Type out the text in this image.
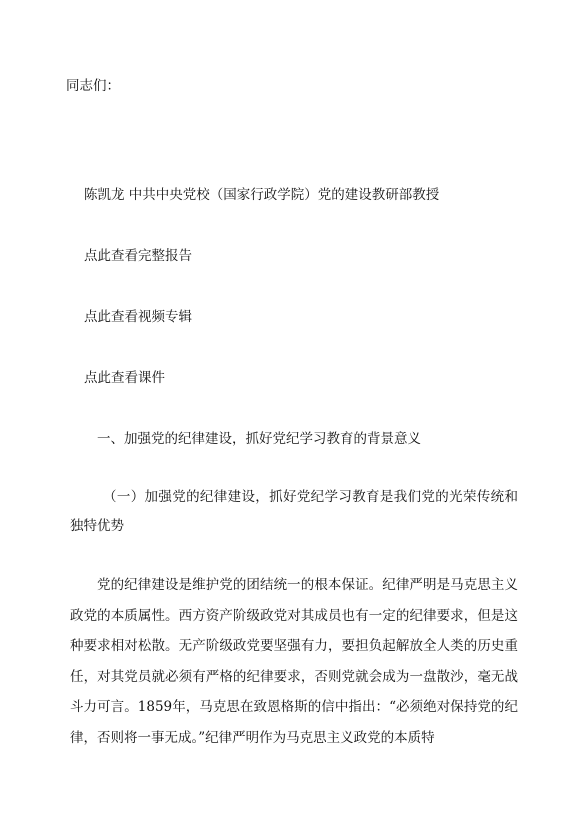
同志们：
陈凯龙 中共中央党校（国家行政学院）党的建设教研部教授
点此查看完整报告
点此查看视频专辑
点此查看课件
一、加强党的纪律建设，抓好党纪学习教育的背景意义
（一）加强党的纪律建设，抓好党纪学习教育是我们党的光荣传统和独特优势
党的纪律建设是维护党的团结统一的根本保证。纪律严明是马克思主义政党的本质属性。西方资产阶级政党对其成员也有一定的纪律要求，但是这种要求相对松散。无产阶级政党要坚强有力，要担负起解放全人类的历史重任，对其党员就必须有严格的纪律要求，否则党就会成为一盘散沙，毫无战斗力可言。1859年，马克思在致恩格斯的信中指出：“必须绝对保持党的纪律，否则将一事无成。”纪律严明作为马克思主义政党的本质特
